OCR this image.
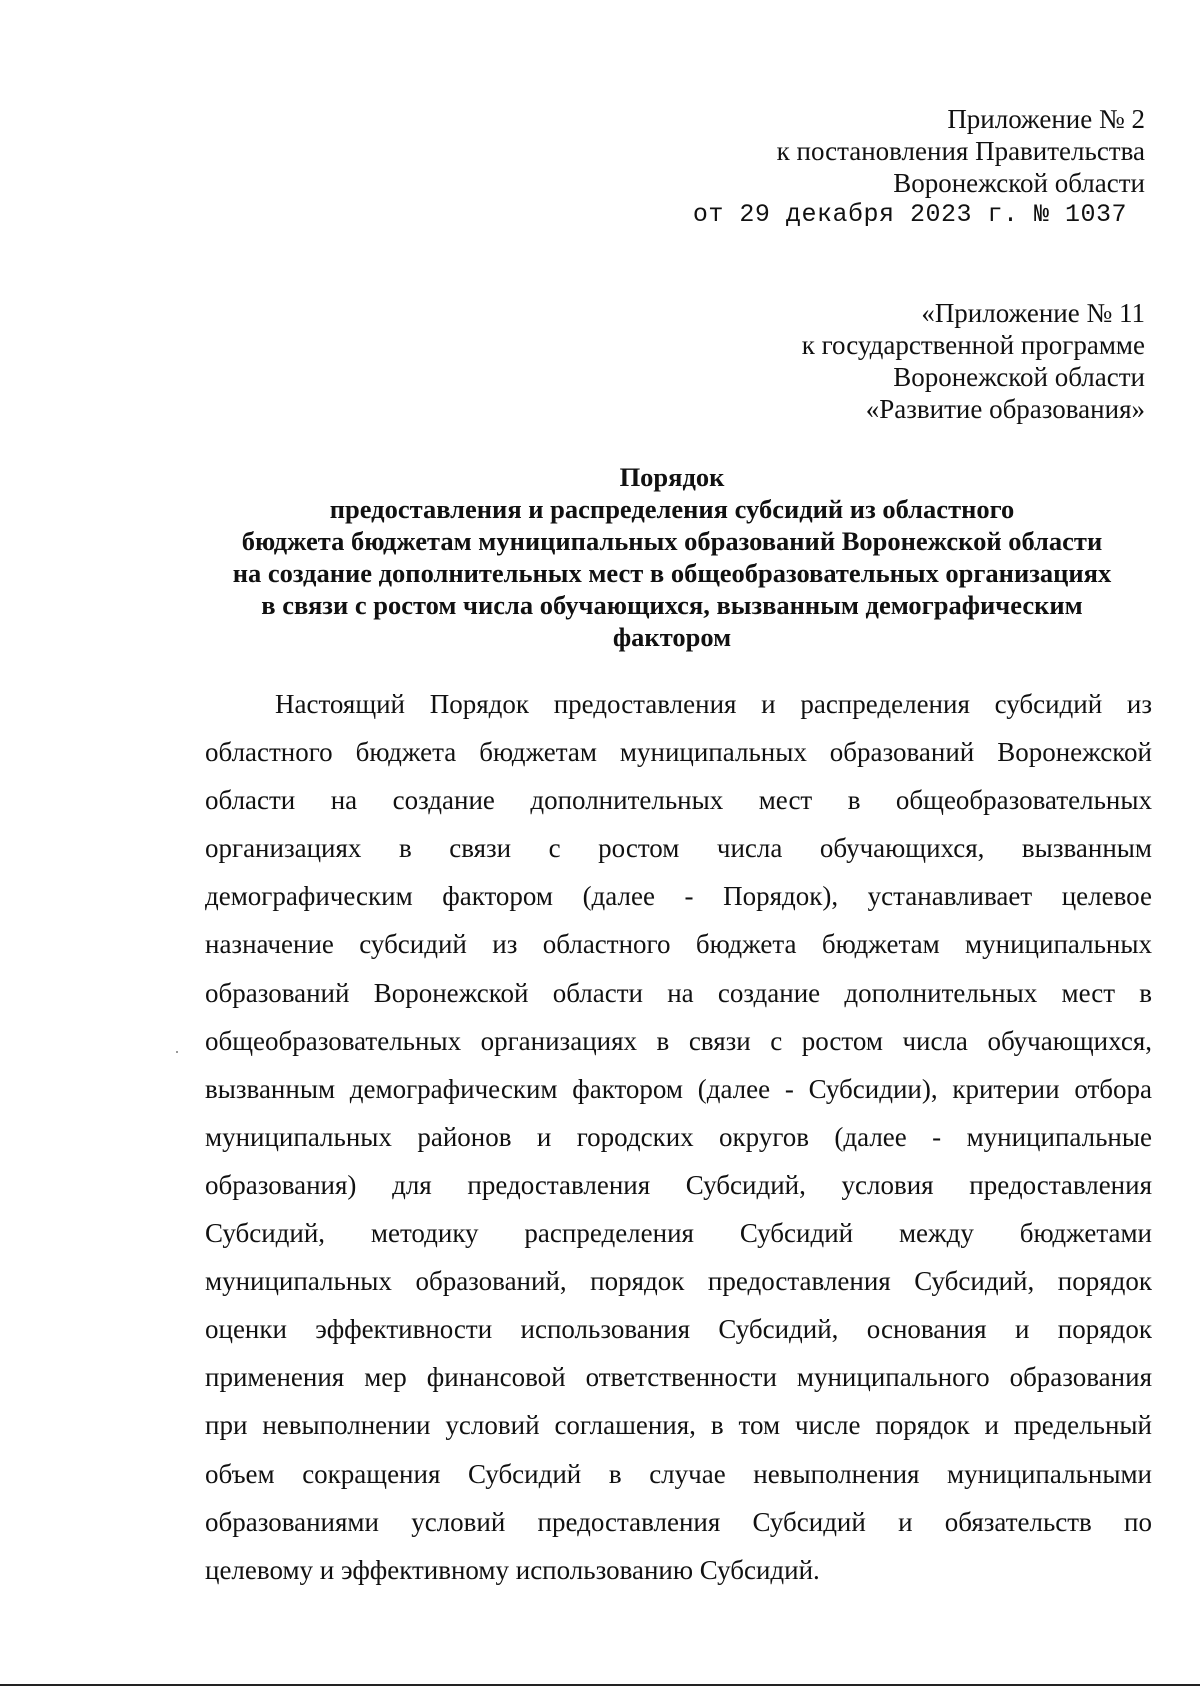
Приложение № 2
к постановления Правительства
Воронежской области
от 29 декабря 2023 г. № 1037
«Приложение № 11
к государственной программе
Воронежской области
«Развитие образования»
Порядок
предоставления и распределения субсидий из областного
бюджета бюджетам муниципальных образований Воронежской области
на создание дополнительных мест в общеобразовательных организациях
в связи с ростом числа обучающихся, вызванным демографическим
фактором
Настоящий Порядок предоставления и распределения субсидий из
областного бюджета бюджетам муниципальных образований Воронежской
области на создание дополнительных мест в общеобразовательных
организациях в связи с ростом числа обучающихся, вызванным
демографическим фактором (далее - Порядок), устанавливает целевое
назначение субсидий из областного бюджета бюджетам муниципальных
образований Воронежской области на создание дополнительных мест в
общеобразовательных организациях в связи с ростом числа обучающихся,
вызванным демографическим фактором (далее - Субсидии), критерии отбора
муниципальных районов и городских округов (далее - муниципальные
образования) для предоставления Субсидий, условия предоставления
Субсидий, методику распределения Субсидий между бюджетами
муниципальных образований, порядок предоставления Субсидий, порядок
оценки эффективности использования Субсидий, основания и порядок
применения мер финансовой ответственности муниципального образования
при невыполнении условий соглашения, в том числе порядок и предельный
объем сокращения Субсидий в случае невыполнения муниципальными
образованиями условий предоставления Субсидий и обязательств по
целевому и эффективному использованию Субсидий.
